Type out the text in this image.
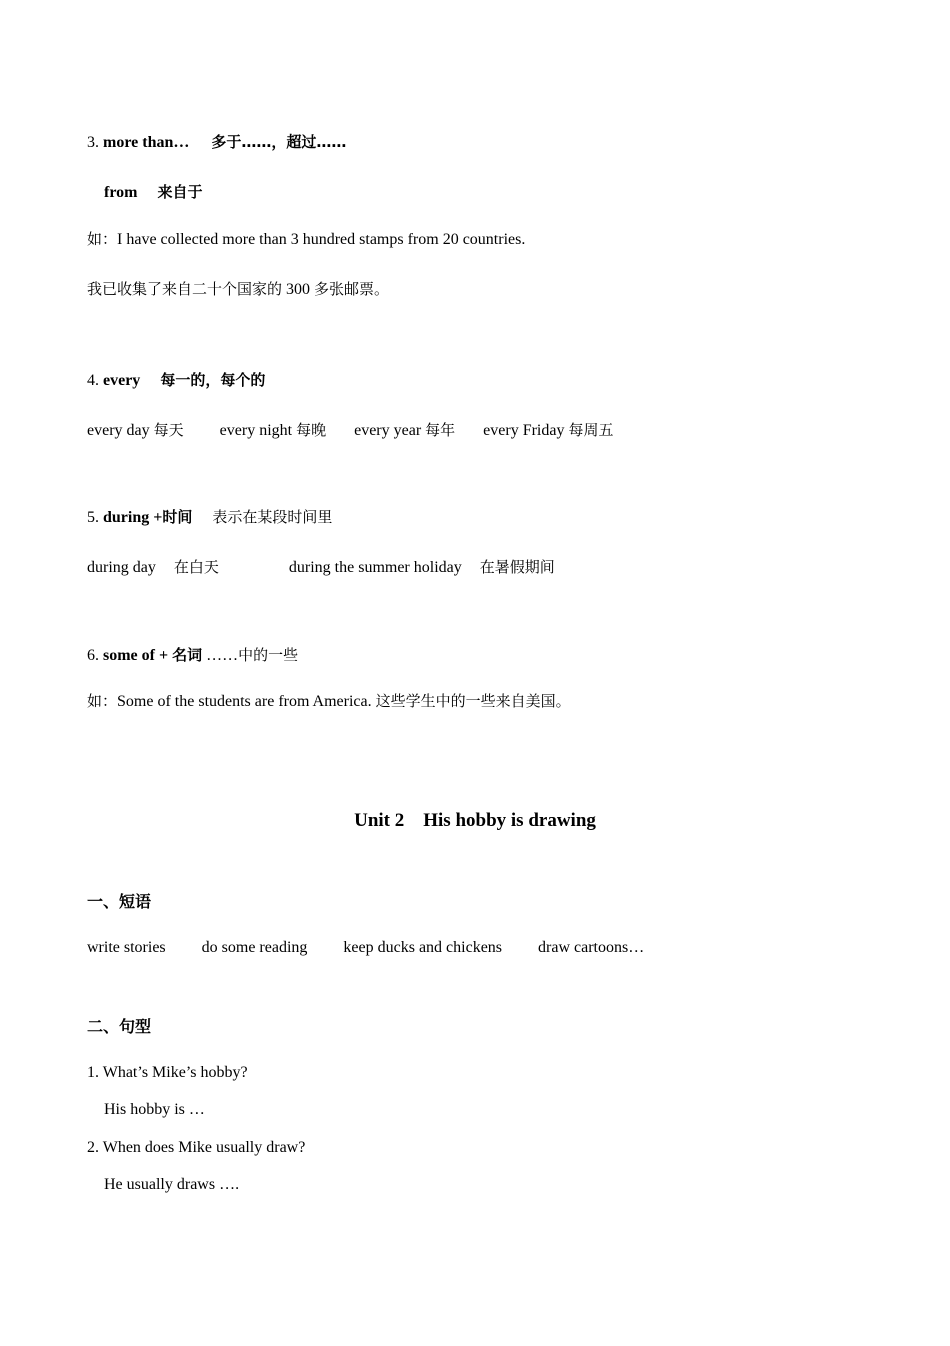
3. more than… 多于……，超过……
from 来自于
如：I have collected more than 3 hundred stamps from 20 countries.
我已收集了来自二十个国家的 300 多张邮票。
4. every 每一的，每个的
every day 每天 every night 每晚 every year 每年 every Friday 每周五
5. during +时间 表示在某段时间里
during day 在白天	during the summer holiday 在暑假期间
6. some of + 名词 ……中的一些
如：Some of the students are from America. 这些学生中的一些来自美国。
Unit 2    His hobby is drawing
一、短语
write stories do some reading keep ducks and chickens draw cartoons…
二、句型
1. What’s Mike’s hobby?
His hobby is …
2. When does Mike usually draw?
He usually draws ….
